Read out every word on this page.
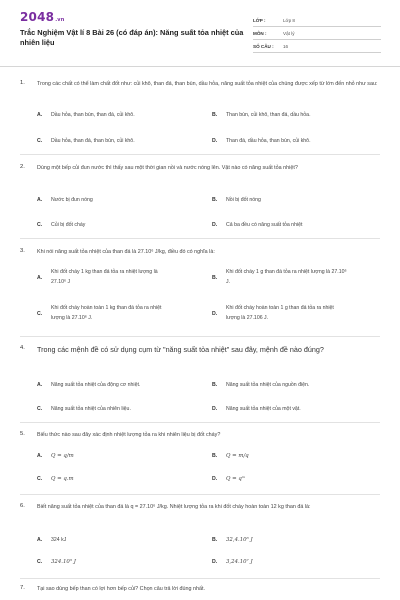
2048.vn
Trắc Nghiệm Vật lí 8 Bài 26 (có đáp án): Năng suất tỏa nhiệt của nhiên liệu
LỚP :	Lớp 8
MÔN :	Vật lý
SỐ CÂU :	16
1. Trong các chất có thể làm chất đốt như: củi khô, than đá, than bùn, dầu hỏa, năng suất tỏa nhiệt của chúng được xếp từ lớn đến nhỏ như sau:
A.	Dầu hỏa, than bùn, than đá, củi khô.	B.	Than bùn, củi khô, than đá, dầu hỏa.
C.	Dầu hỏa, than đá, than bùn, củi khô.	D.	Than đá, dầu hỏa, than bùn, củi khô.
2. Dùng một bếp củi đun nước thì thấy sau một thời gian nồi và nước nóng lên. Vật nào có năng suất tỏa nhiệt?
A.	Nước bị đun nóng	B.	Nồi bị đốt nóng
C.	Củi bị đốt cháy	D.	Cả ba đều có năng suất tỏa nhiệt
3. Khi nói năng suất tỏa nhiệt của than đá là 27.10⁶ J/kg, điều đó có nghĩa là:
A.
Khi đốt cháy 1 kg than đá tỏa ra nhiệt lượng là 27.10⁶ J
B.
Khi đốt cháy 1 g than đá tỏa ra nhiệt lượng là 27.10⁶ J.
C.
Khi đốt cháy hoàn toàn 1 kg than đá tỏa ra nhiệt lượng là 27.10⁶ J.
D.
Khi đốt cháy hoàn toàn 1 g than đá tỏa ra nhiệt lượng là 27.106 J.
4. Trong các mệnh đề có sử dụng cụm từ "năng suất tỏa nhiệt" sau đây, mệnh đề nào đúng?
A.	Năng suất tỏa nhiệt của động cơ nhiệt.	B.	Năng suất tỏa nhiệt của nguồn điện.
C.	Năng suất tỏa nhiệt của nhiên liệu.	D.	Năng suất tỏa nhiệt của một vật.
5. Biểu thức nào sau đây xác định nhiệt lượng tỏa ra khi nhiên liệu bị đốt cháy?
A.	Q = q/m	B.	Q = m/q
C.	Q = q.m	D.	Q = qᵐ
6. Biết năng suất tỏa nhiệt của than đá là q = 27.10⁶ J/kg. Nhiệt lượng tỏa ra khi đốt cháy hoàn toàn 12 kg than đá là:
A.	324 kJ	B.	32,4.10⁶ J
C.	324.10⁵ J	D.	3,24.10⁷ J
7. Tại sao dùng bếp than có lợi hơn bếp củi? Chọn câu trả lời đúng nhất.
